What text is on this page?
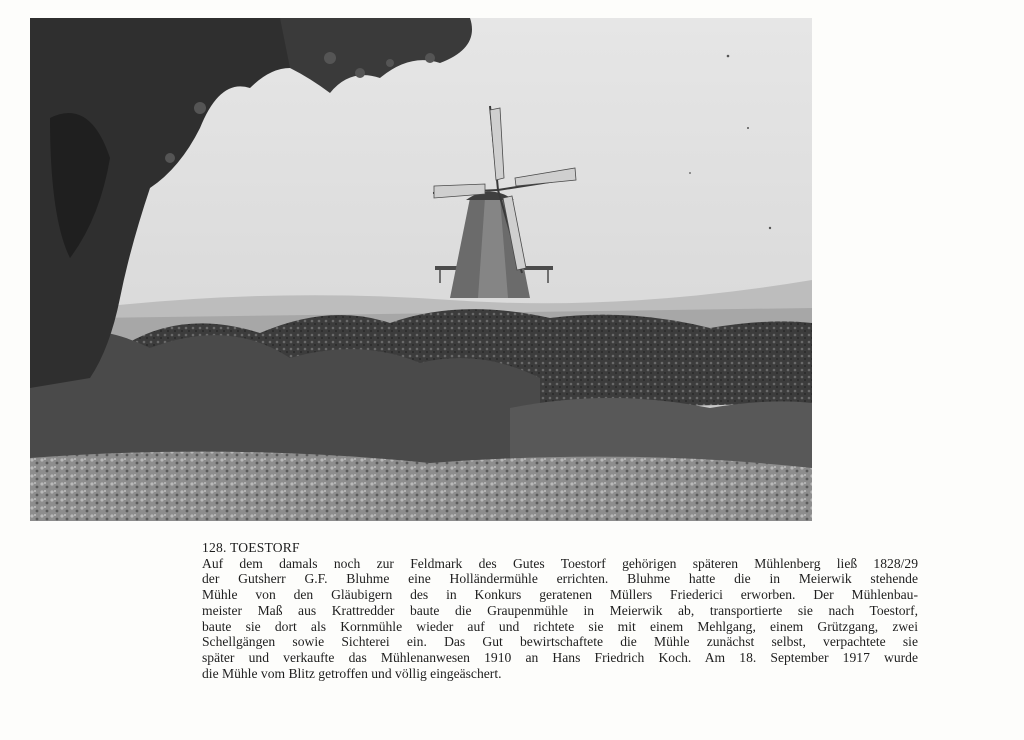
128. TOESTORF
Auf dem damals noch zur Feldmark des Gutes Toestorf gehörigen späteren Mühlenberg ließ 1828/29
der Gutsherr G.F. Bluhme eine Holländermühle errichten. Bluhme hatte die in Meierwik stehende
Mühle von den Gläubigern des in Konkurs geratenen Müllers Friederici erworben. Der Mühlenbau-
meister Maß aus Krattredder baute die Graupenmühle in Meierwik ab, transportierte sie nach Toestorf,
baute sie dort als Kornmühle wieder auf und richtete sie mit einem Mehlgang, einem Grützgang, zwei
Schellgängen sowie Sichterei ein. Das Gut bewirtschaftete die Mühle zunächst selbst, verpachtete sie
später und verkaufte das Mühlenanwesen 1910 an Hans Friedrich Koch. Am 18. September 1917 wurde
die Mühle vom Blitz getroffen und völlig eingeäschert.
